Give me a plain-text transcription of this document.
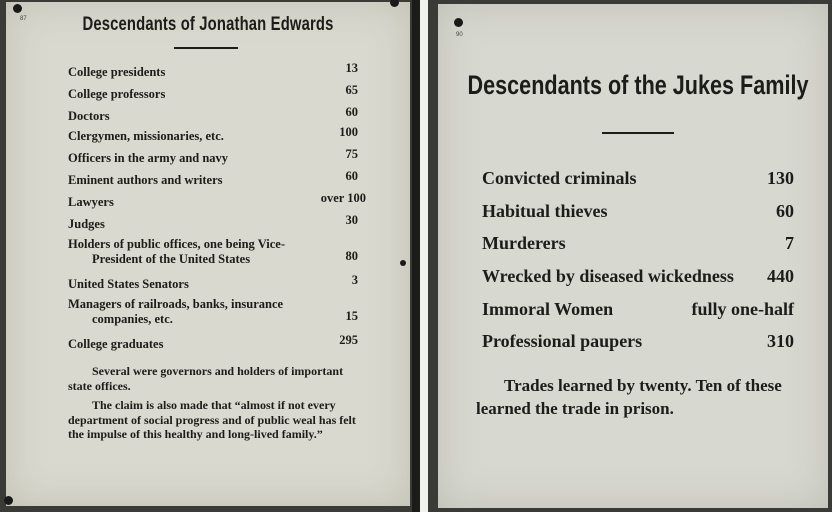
87	Descendants of Jonathan Edwards
College presidents	13
College professors	65
Doctors	60
Clergymen, missionaries, etc.	100
Officers in the army and navy	75
Eminent authors and writers	60
Lawyers	over 100
Judges	30
Holders of public offices, one being Vice-
President of the United States	80
United States Senators	3
Managers of railroads, banks, insurance
companies, etc.	15
College graduates	295
Several were governors and holders of important state offices.
The claim is also made that “almost if not every department of social progress and of public weal has felt the impulse of this healthy and long-lived family.”
90
Descendants of the Jukes Family
Convicted criminals	130
Habitual thieves	60
Murderers	7
Wrecked by diseased wickedness 440
Immoral Women	fully one-half
Professional paupers	310
Trades learned by twenty. Ten of these learned the trade in prison.
